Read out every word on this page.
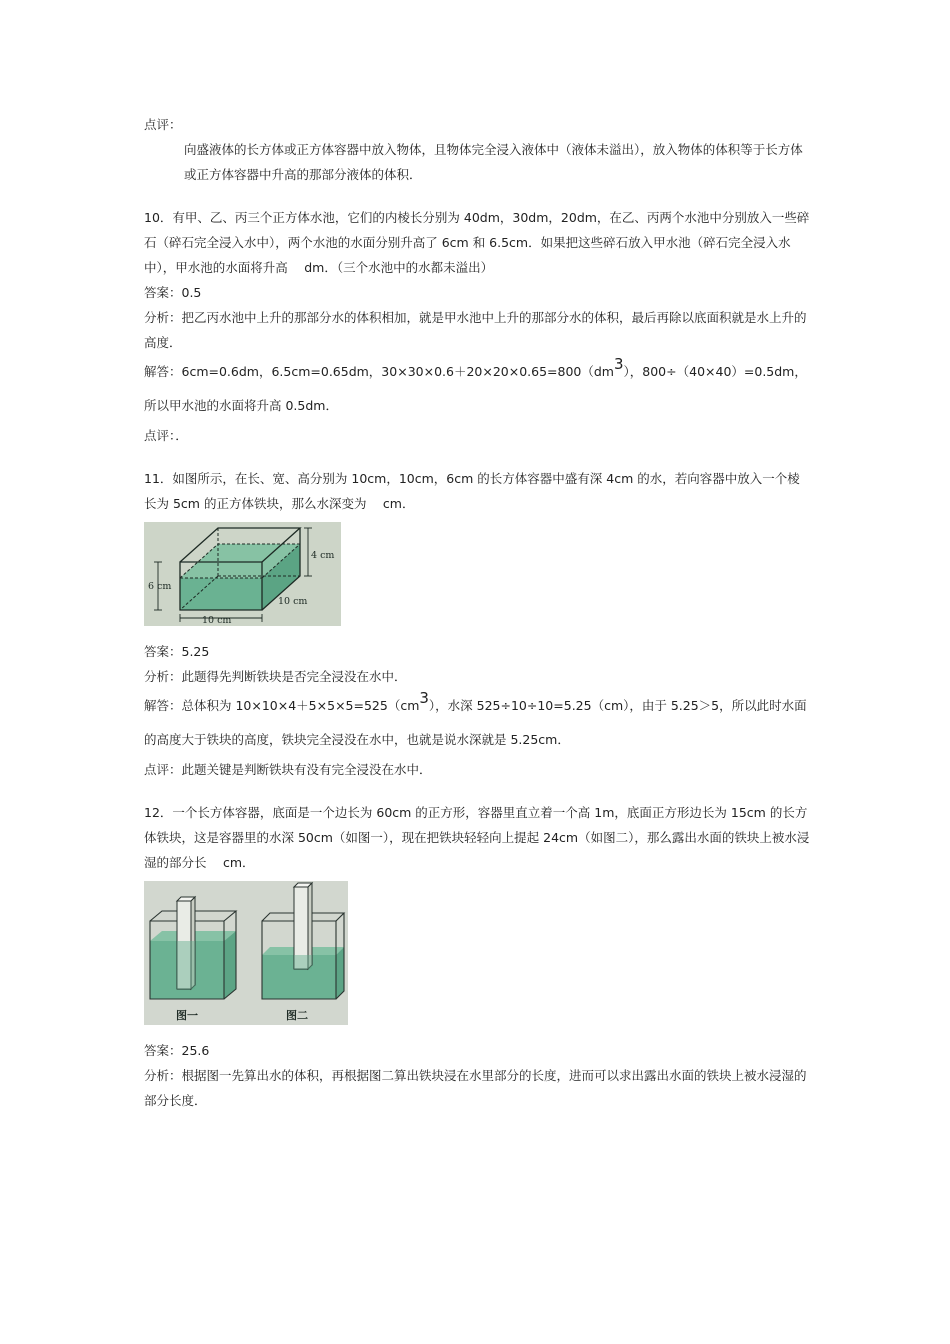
点评：
向盛液体的长方体或正方体容器中放入物体，且物体完全浸入液体中（液体未溢出），放入物体的体积等于长方体或正方体容器中升高的那部分液体的体积．
10．有甲、乙、丙三个正方体水池，它们的内棱长分别为 40dm，30dm，20dm，在乙、丙两个水池中分别放入一些碎石（碎石完全浸入水中），两个水池的水面分别升高了 6cm 和 6.5cm．如果把这些碎石放入甲水池（碎石完全浸入水中），甲水池的水面将升高　 dm．（三个水池中的水都未溢出）
答案：0.5
分析：把乙丙水池中上升的那部分水的体积相加，就是甲水池中上升的那部分水的体积，最后再除以底面积就是水上升的高度．
解答：6cm=0.6dm，6.5cm=0.65dm，30×30×0.6＋20×20×0.65=800（dm3），800÷（40×40）=0.5dm，所以甲水池的水面将升高 0.5dm．
点评：．
11．如图所示，在长、宽、高分别为 10cm，10cm，6cm 的长方体容器中盛有深 4cm 的水，若向容器中放入一个棱长为 5cm 的正方体铁块，那么水深变为　 cm．
6 cm
4 cm
10 cm
10 cm
答案：5.25
分析：此题得先判断铁块是否完全浸没在水中．
解答：总体积为 10×10×4＋5×5×5=525（cm3），水深 525÷10÷10=5.25（cm），由于 5.25＞5，所以此时水面的高度大于铁块的高度，铁块完全浸没在水中，也就是说水深就是 5.25cm．
点评：此题关键是判断铁块有没有完全浸没在水中．
12．一个长方体容器，底面是一个边长为 60cm 的正方形，容器里直立着一个高 1m，底面正方形边长为 15cm 的长方体铁块，这是容器里的水深 50cm（如图一），现在把铁块轻轻向上提起 24cm（如图二），那么露出水面的铁块上被水浸湿的部分长　 cm．
图一	图二
答案：25.6
分析：根据图一先算出水的体积，再根据图二算出铁块浸在水里部分的长度，进而可以求出露出水面的铁块上被水浸湿的部分长度．
